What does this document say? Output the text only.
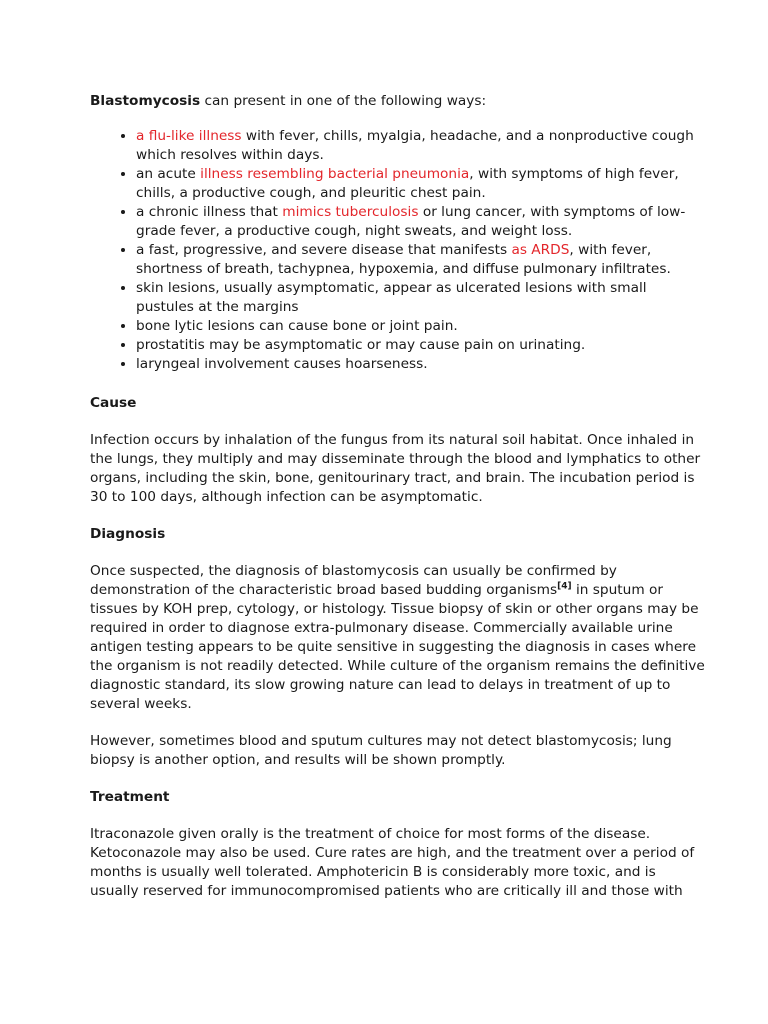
Blastomycosis can present in one of the following ways:

• a flu-like illness with fever, chills, myalgia, headache, and a nonproductive cough which resolves within days.
• an acute illness resembling bacterial pneumonia, with symptoms of high fever, chills, a productive cough, and pleuritic chest pain.
• a chronic illness that mimics tuberculosis or lung cancer, with symptoms of low-grade fever, a productive cough, night sweats, and weight loss.
• a fast, progressive, and severe disease that manifests as ARDS, with fever, shortness of breath, tachypnea, hypoxemia, and diffuse pulmonary infiltrates.
• skin lesions, usually asymptomatic, appear as ulcerated lesions with small pustules at the margins
• bone lytic lesions can cause bone or joint pain.
• prostatitis may be asymptomatic or may cause pain on urinating.
• laryngeal involvement causes hoarseness.
Cause

Infection occurs by inhalation of the fungus from its natural soil habitat. Once inhaled in the lungs, they multiply and may disseminate through the blood and lymphatics to other organs, including the skin, bone, genitourinary tract, and brain. The incubation period is 30 to 100 days, although infection can be asymptomatic.

Diagnosis

Once suspected, the diagnosis of blastomycosis can usually be confirmed by demonstration of the characteristic broad based budding organisms[4] in sputum or tissues by KOH prep, cytology, or histology. Tissue biopsy of skin or other organs may be required in order to diagnose extra-pulmonary disease. Commercially available urine antigen testing appears to be quite sensitive in suggesting the diagnosis in cases where the organism is not readily detected. While culture of the organism remains the definitive diagnostic standard, its slow growing nature can lead to delays in treatment of up to several weeks.

However, sometimes blood and sputum cultures may not detect blastomycosis; lung biopsy is another option, and results will be shown promptly.

Treatment

Itraconazole given orally is the treatment of choice for most forms of the disease. Ketoconazole may also be used. Cure rates are high, and the treatment over a period of months is usually well tolerated. Amphotericin B is considerably more toxic, and is usually reserved for immunocompromised patients who are critically ill and those with
